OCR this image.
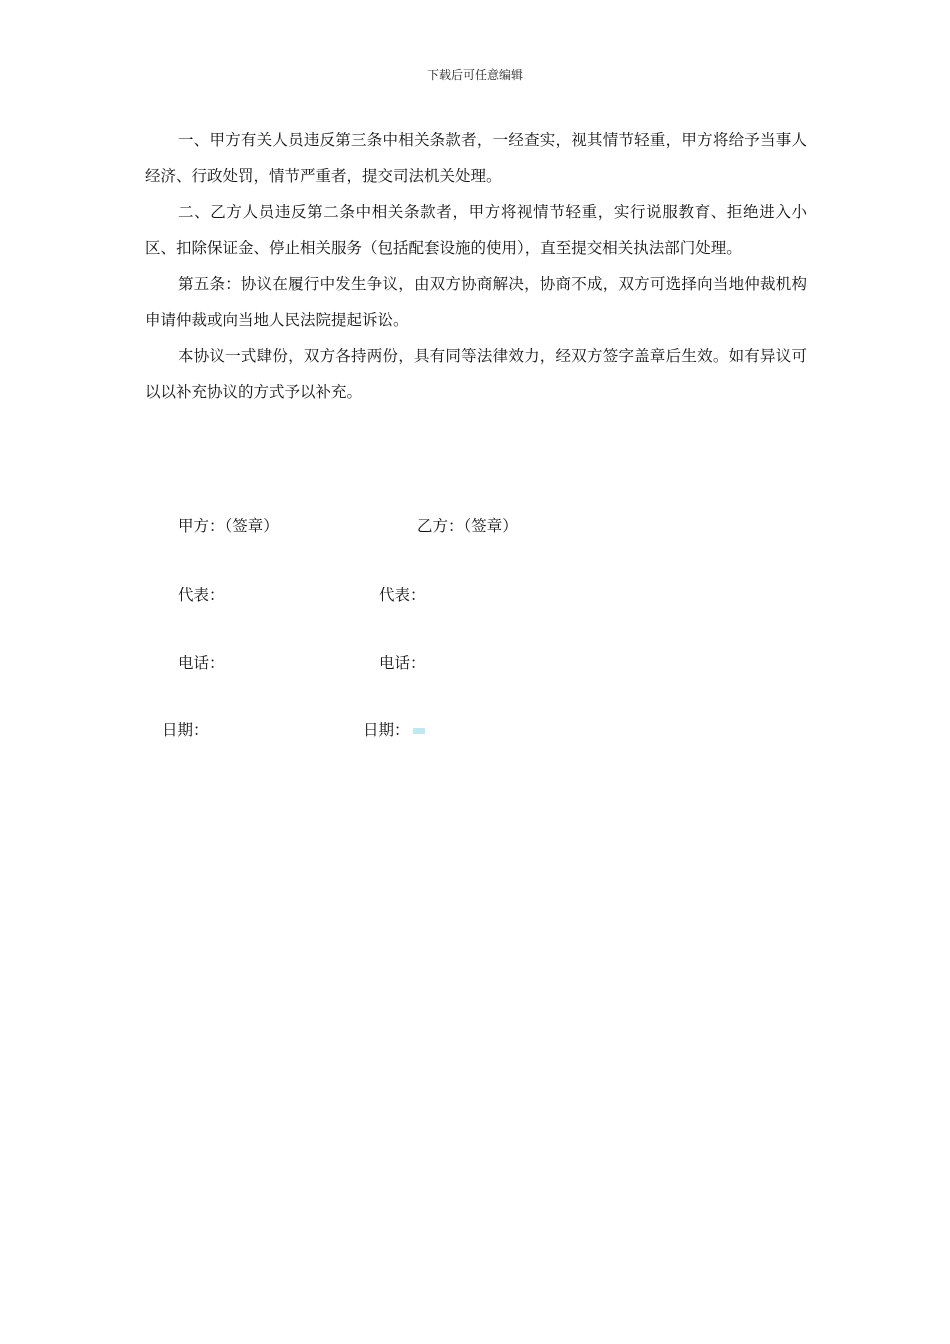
下载后可任意编辑

一、甲方有关人员违反第三条中相关条款者，一经查实，视其情节轻重，甲方将给予当事人经济、行政处罚，情节严重者，提交司法机关处理。

二、乙方人员违反第二条中相关条款者，甲方将视情节轻重，实行说服教育、拒绝进入小区、扣除保证金、停止相关服务（包括配套设施的使用），直至提交相关执法部门处理。

第五条：协议在履行中发生争议，由双方协商解决，协商不成，双方可选择向当地仲裁机构申请仲裁或向当地人民法院提起诉讼。

本协议一式肆份，双方各持两份，具有同等法律效力，经双方签字盖章后生效。如有异议可以以补充协议的方式予以补充。

甲方：（签章）	乙方：（签章）
代表：	代表：
电话：	电话：
日期：	日期：
